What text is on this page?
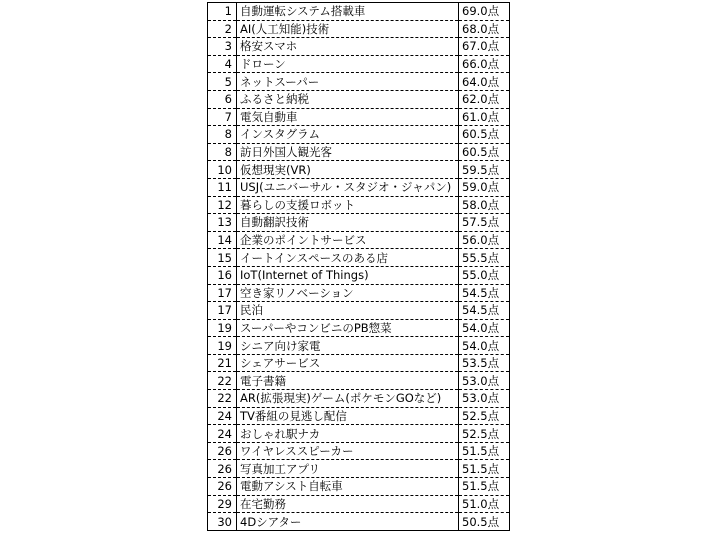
1	自動運転システム搭載車	69.0点
2	AI(人工知能)技術	68.0点
3	格安スマホ	67.0点
4	ドローン	66.0点
5	ネットスーパー	64.0点
6	ふるさと納税	62.0点
7	電気自動車	61.0点
8	インスタグラム	60.5点
8	訪日外国人観光客	60.5点
10	仮想現実(VR)	59.5点
11	USJ(ユニバーサル・スタジオ・ジャパン)	59.0点
12	暮らしの支援ロボット	58.0点
13	自動翻訳技術	57.5点
14	企業のポイントサービス	56.0点
15	イートインスペースのある店	55.5点
16	IoT(Internet of Things)	55.0点
17	空き家リノベーション	54.5点
17	民泊	54.5点
19	スーパーやコンビニのPB惣菜	54.0点
19	シニア向け家電	54.0点
21	シェアサービス	53.5点
22	電子書籍	53.0点
22	AR(拡張現実)ゲーム(ポケモンGOなど)	53.0点
24	TV番組の見逃し配信	52.5点
24	おしゃれ駅ナカ	52.5点
26	ワイヤレススピーカー	51.5点
26	写真加工アプリ	51.5点
26	電動アシスト自転車	51.5点
29	在宅勤務	51.0点
30	4Dシアター	50.5点
